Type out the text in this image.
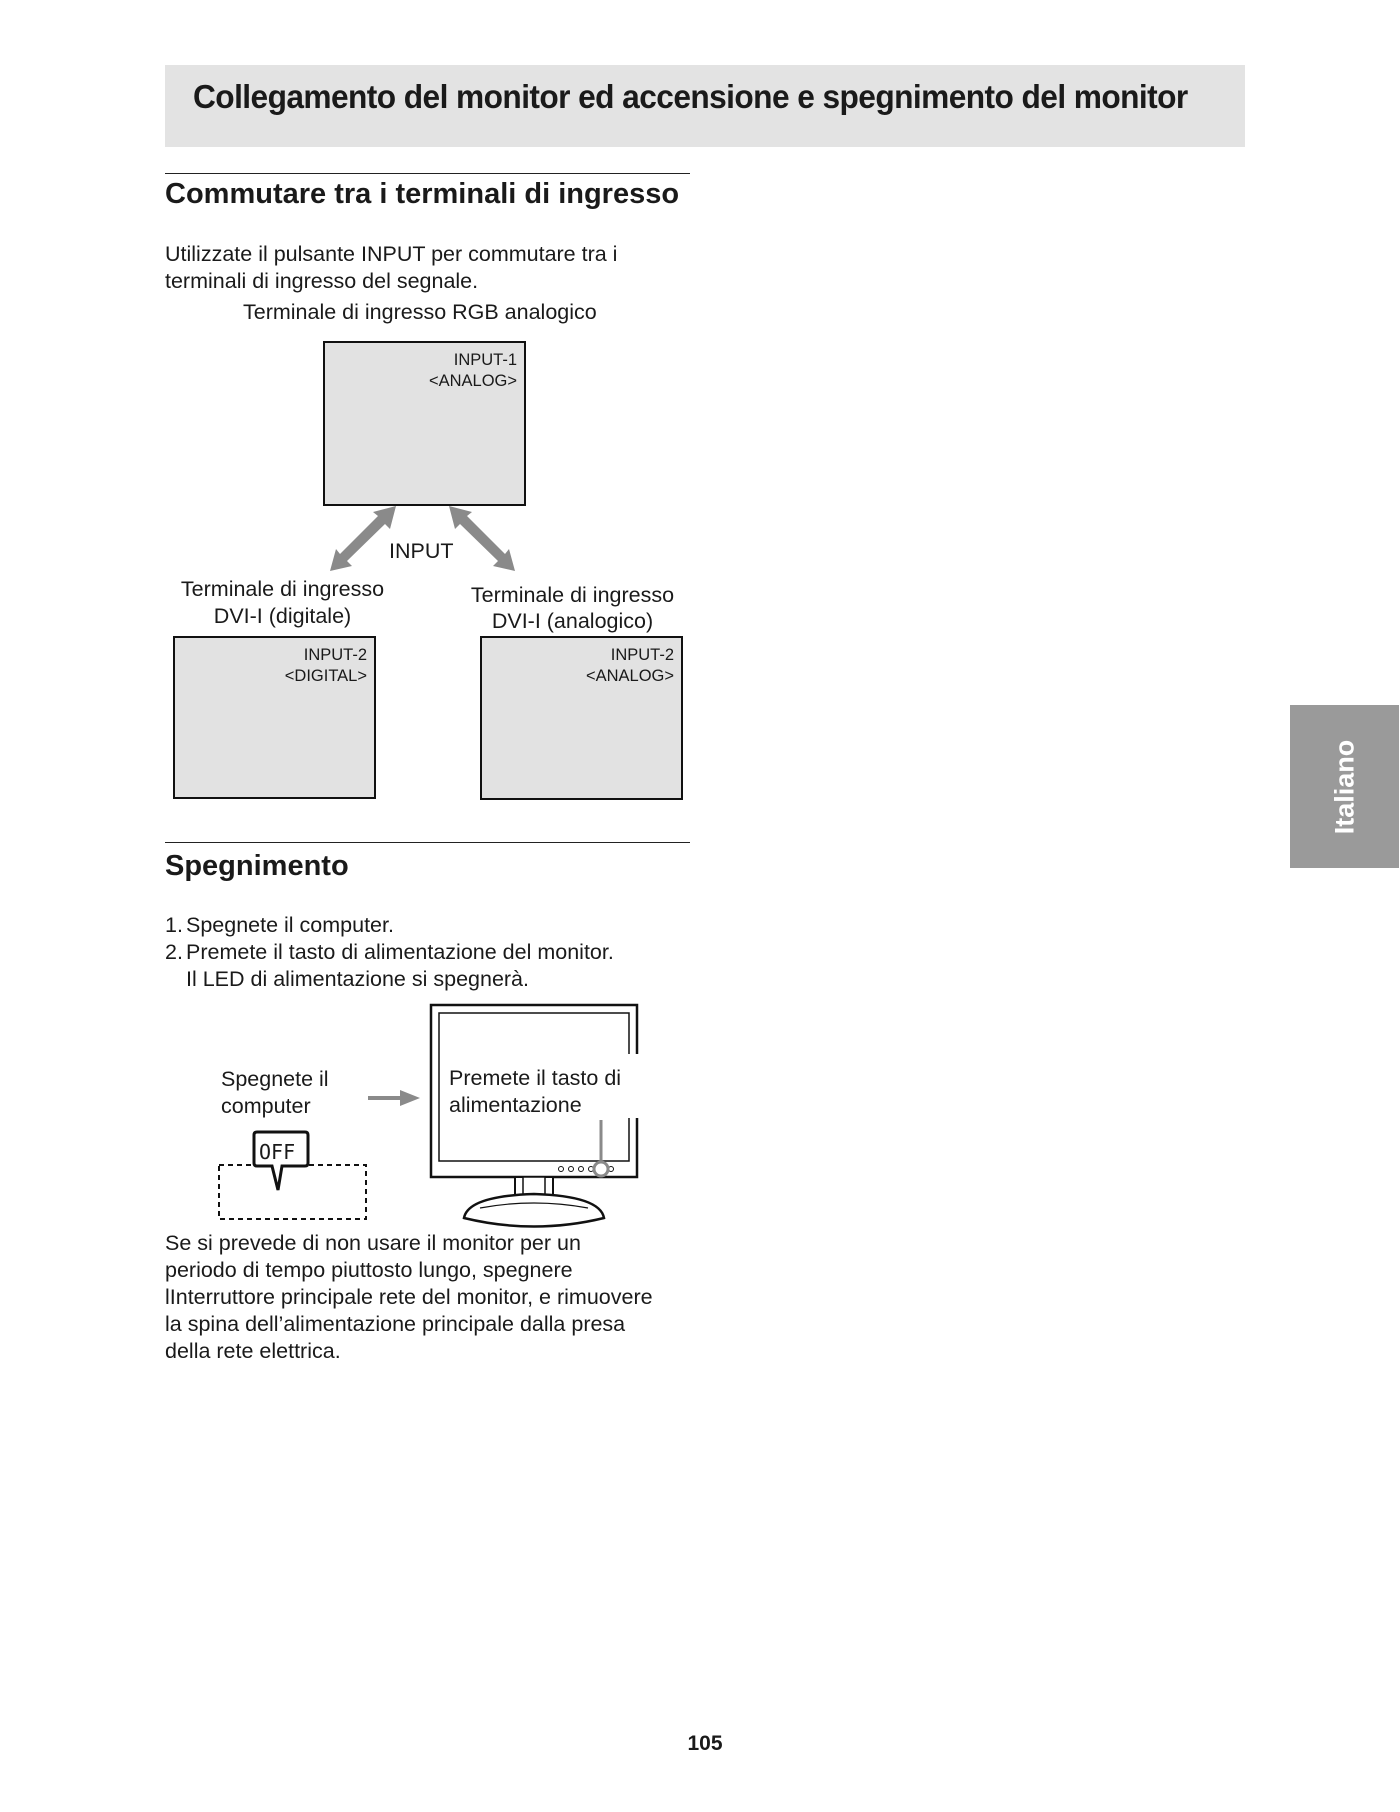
Collegamento del monitor ed accensione e spegnimento del monitor
Commutare tra i terminali di ingresso
Utilizzate il pulsante INPUT per commutare tra i
terminali di ingresso del segnale.
Terminale di ingresso RGB analogico
INPUT-1
<ANALOG>
INPUT
Terminale di ingresso
DVI-I (digitale)
Terminale di ingresso
DVI-I (analogico)
INPUT-2
<DIGITAL>
INPUT-2
<ANALOG>
Spegnimento
1. Spegnete il computer.
2. Premete il tasto di alimentazione del monitor.
Il LED di alimentazione si spegnerà.
Premete il tasto di
alimentazione
Spegnete il
computer
OFF
Se si prevede di non usare il monitor per un
periodo di tempo piuttosto lungo, spegnere
lInterruttore principale rete del monitor, e rimuovere
la spina dell’alimentazione principale dalla presa
della rete elettrica.
Italiano
105
